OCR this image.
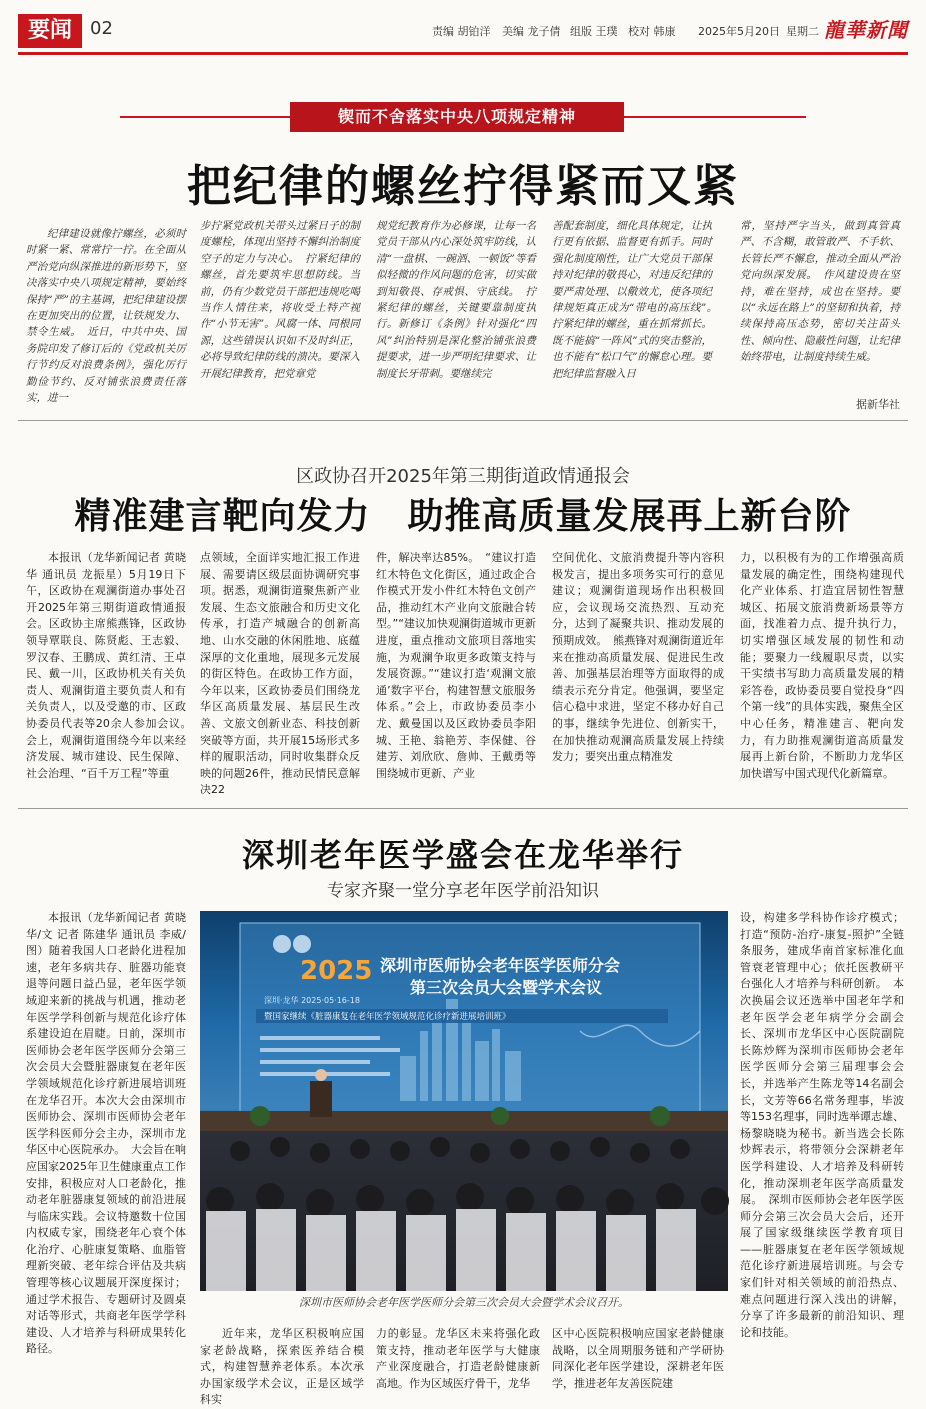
要闻	02	责编 胡铂洋 美编 龙子倩 组版 王璞 校对 韩康 2025年5月20日 星期二 龍華新聞
锲而不舍落实中央八项规定精神
把纪律的螺丝拧得紧而又紧

纪律建设就像拧螺丝，必须时时紧一紧、常常拧一拧。在全面从严治党向纵深推进的新形势下，坚决落实中央八项规定精神，要始终保持“严”的主基调，把纪律建设摆在更加突出的位置，让铁规发力、禁令生威。　近日，中共中央、国务院印发了修订后的《党政机关厉行节约反对浪费条例》，强化厉行勤俭节约、反对铺张浪费责任落实，进一

步拧紧党政机关带头过紧日子的制度螺栓，体现出坚持不懈纠治制度空子的定力与决心。　拧紧纪律的螺丝，首先要筑牢思想防线。当前，仍有少数党员干部把违规吃喝当作人情往来，将收受土特产视作“小节无害”。风腐一体、同根同源，这些错误认识如不及时纠正，必将导致纪律防线的溃决。要深入开展纪律教育，把党章党

规党纪教育作为必修课，让每一名党员干部从内心深处筑牢防线，认清“一盘棋、一碗酒、一顿饭”等看似轻微的作风问题的危害，切实做到知敬畏、存戒惧、守底线。　拧紧纪律的螺丝，关键要靠制度执行。新修订《条例》针对强化“四风”纠治特别是深化整治铺张浪费提要求，进一步严明纪律要求、让制度长牙带刺。要继续完

善配套制度，细化具体规定，让执行更有依据、监督更有抓手。同时强化制度刚性，让广大党员干部保持对纪律的敬畏心，对违反纪律的要严肃处理、以儆效尤，使各项纪律规矩真正成为“带电的高压线”。　拧紧纪律的螺丝，重在抓常抓长。既不能搞“一阵风”式的突击整治，也不能有“松口气”的懈怠心理。要把纪律监督融入日

常，坚持严字当头，做到真管真严、不含糊，敢管敢严、不手软、长管长严不懈怠，推动全面从严治党向纵深发展。　作风建设贵在坚持，难在坚持，成也在坚持。要以“永远在路上”的坚韧和执着，持续保持高压态势，密切关注苗头性、倾向性、隐蔽性问题，让纪律始终带电，让制度持续生威。

据新华社
区政协召开2025年第三期街道政情通报会
精准建言靶向发力　助推高质量发展再上新台阶

本报讯（龙华新闻记者 黄晓华 通讯员 龙振星）5月19日下午，区政协在观澜街道办事处召开2025年第三期街道政情通报会。区政协主席熊燕锋，区政协领导覃联良、陈贤彪、王志毅、罗汉春、王鹏成、黄红清、王卓民、戴一川，区政协机关有关负责人、观澜街道主要负责人和有关负责人，以及受邀的市、区政协委员代表等20余人参加会议。　会上，观澜街道围绕今年以来经济发展、城市建设、民生保障、社会治理、“百千万工程”等重

点领域，全面详实地汇报工作进展、需要请区级层面协调研究事项。据悉，观澜街道聚焦新产业发展、生态文旅融合和历史文化传承，打造产城融合的创新高地、山水交融的休闲胜地、底蕴深厚的文化重地，展现多元发展的街区特色。在政协工作方面，今年以来，区政协委员们围绕龙华区高质量发展、基层民生改善、文旅文创新业态、科技创新突破等方面，共开展15场形式多样的履职活动，同时收集群众反映的问题26件，推动民情民意解决22

件，解决率达85%。　“建议打造红木特色文化街区，通过政企合作模式开发小件红木特色文创产品，推动红木产业向文旅融合转型。”“建议加快观澜街道城市更新进度，重点推动文旅项目落地实施，为观澜争取更多政策支持与发展资源。”“建议打造‘观澜文旅通’数字平台，构建智慧文旅服务体系。”会上，市政协委员李小龙、戴曼国以及区政协委员李阳城、王艳、翁艳芳、李保健、谷建芳、刘欣欣、詹帅、王戴勇等围绕城市更新、产业

空间优化、文旅消费提升等内容积极发言，提出多项务实可行的意见建议；观澜街道现场作出积极回应，会议现场交流热烈、互动充分，达到了凝聚共识、推动发展的预期成效。　熊燕锋对观澜街道近年来在推动高质量发展、促进民生改善、加强基层治理等方面取得的成绩表示充分肯定。他强调，要坚定信心稳中求进，坚定不移办好自己的事，继续争先进位、创新实干，在加快推动观澜高质量发展上持续发力；要突出重点精准发

力，以积极有为的工作增强高质量发展的确定性，围绕构建现代化产业体系、打造宜居韧性智慧城区、拓展文旅消费新场景等方面，找准着力点、提升执行力，切实增强区域发展的韧性和动能；要聚力一线履职尽责，以实干实绩书写助力高质量发展的精彩答卷，政协委员要自觉投身“四个第一线”的具体实践，聚焦全区中心任务，精准建言、靶向发力，有力助推观澜街道高质量发展再上新台阶，不断助力龙华区加快谱写中国式现代化新篇章。

深圳老年医学盛会在龙华举行
专家齐聚一堂分享老年医学前沿知识

本报讯（龙华新闻记者 黄晓华/文 记者 陈建华 通讯员 李威/图）随着我国人口老龄化进程加速，老年多病共存、脏器功能衰退等问题日益凸显，老年医学领域迎来新的挑战与机遇，推动老年医学学科创新与规范化诊疗体系建设迫在眉睫。日前，深圳市医师协会老年医学医师分会第三次会员大会暨脏器康复在老年医学领域规范化诊疗新进展培训班在龙华召开。本次大会由深圳市医师协会、深圳市医师协会老年医学科医师分会主办，深圳市龙华区中心医院承办。　大会旨在响应国家2025年卫生健康重点工作安排，积极应对人口老龄化，推动老年脏器康复领域的前沿进展与临床实践。会议特邀数十位国内权威专家，围绕老年心衰个体化治疗、心脏康复策略、血脂管理新突破、老年综合评估及共病管理等核心议题展开深度探讨；通过学术报告、专题研讨及圆桌对话等形式，共商老年医学学科建设、人才培养与科研成果转化路径。

设，构建多学科协作诊疗模式；打造“预防-治疗-康复-照护”全链条服务，建成华南首家标准化血管衰老管理中心；依托医教研平台强化人才培养与科研创新。　本次换届会议还选举中国老年学和老年医学会老年病学分会副会长、深圳市龙华区中心医院副院长陈炒辉为深圳市医师协会老年医学医师分会第三届理事会会长，并选举产生陈龙等14名副会长，文芳等66名常务理事，毕波等153名理事，同时选举谭志雄、杨黎晓晓为秘书。新当选会长陈炒辉表示，将带领分会深耕老年医学科建设、人才培养及科研转化，推动深圳老年医学高质量发展。　深圳市医师协会老年医学医师分会第三次会员大会后，还开展了国家级继续医学教育项目——脏器康复在老年医学领域规范化诊疗新进展培训班。与会专家们针对相关领域的前沿热点、难点问题进行深入浅出的讲解，分享了许多最新的前沿知识、理论和技能。

2025 深圳市医师协会老年医学医师分会
第三次会员大会暨学术会议
深圳·龙华 2025·05·16-18
暨国家继续《脏器康复在老年医学领域规范化诊疗新进展培训班》
深圳市医师协会老年医学医师分会第三次会员大会暨学术会议召开。

近年来，龙华区积极响应国家老龄战略，探索医养结合模式，构建智慧养老体系。本次承办国家级学术会议，正是区域学科实

力的彰显。龙华区未来将强化政策支持，推动老年医学与大健康产业深度融合，打造老龄健康新高地。作为区域医疗骨干，龙华

区中心医院积极响应国家老龄健康战略，以全周期服务链和产学研协同深化老年医学建设，深耕老年医学，推进老年友善医院建
